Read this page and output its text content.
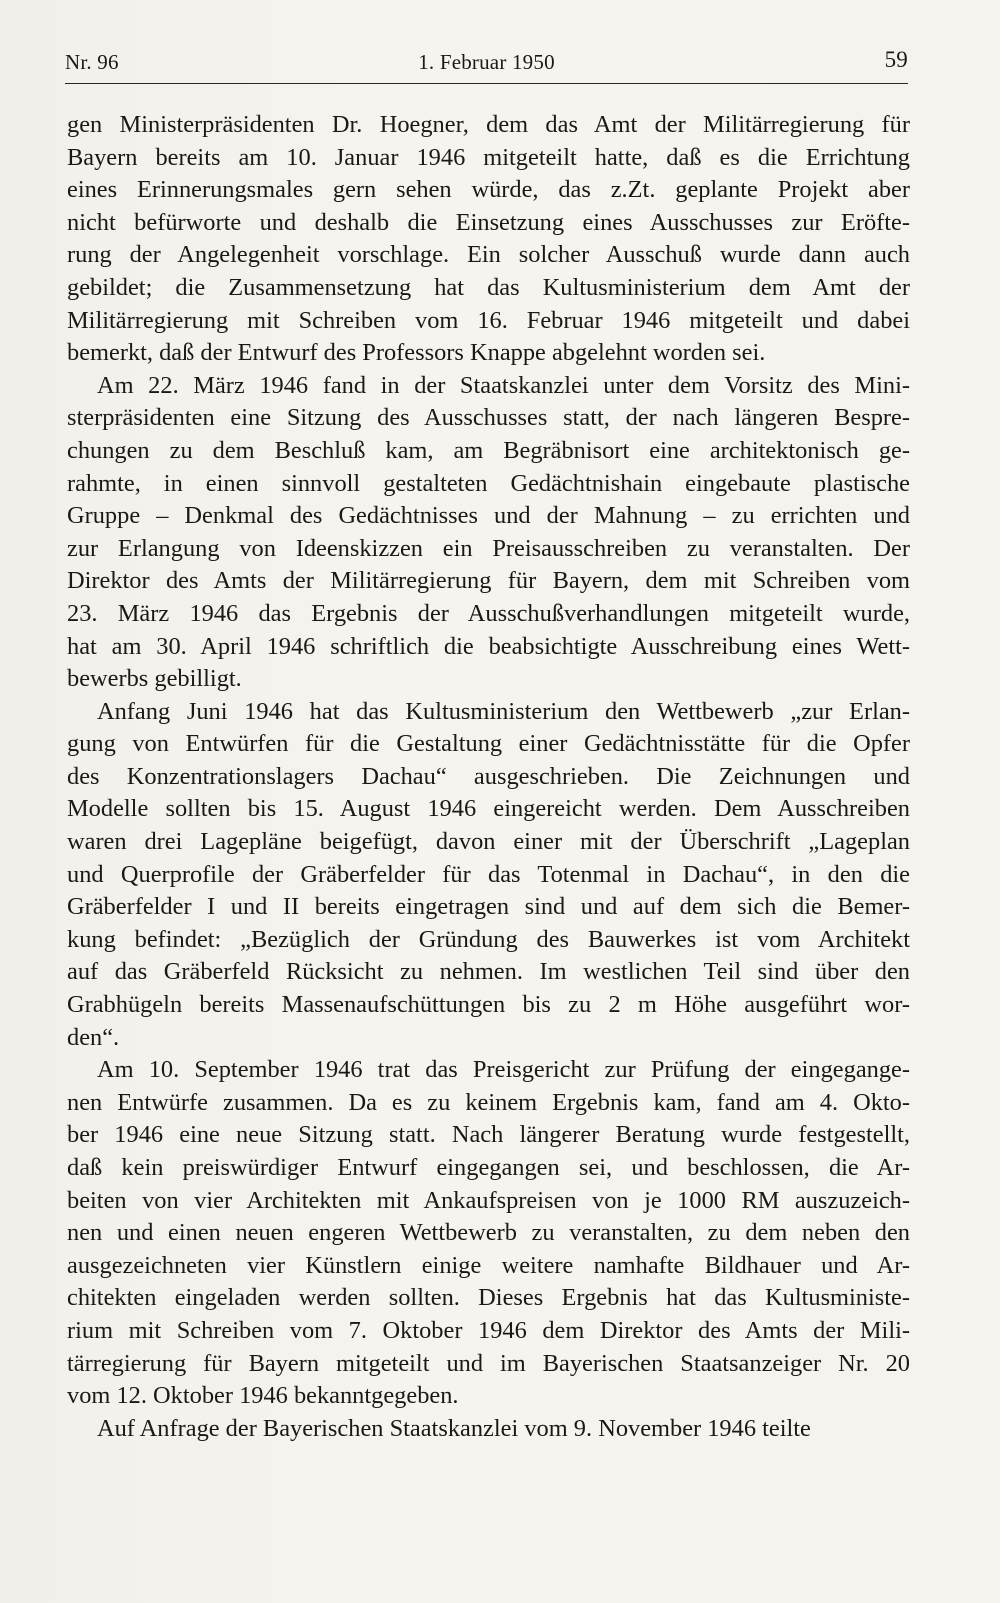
Nr. 96	1. Februar 1950	59
gen Ministerpräsidenten Dr. Hoegner, dem das Amt der Militärregierung für
Bayern bereits am 10. Januar 1946 mitgeteilt hatte, daß es die Errichtung
eines Erinnerungsmales gern sehen würde, das z.Zt. geplante Projekt aber
nicht befürworte und deshalb die Einsetzung eines Ausschusses zur Eröfte-
rung der Angelegenheit vorschlage. Ein solcher Ausschuß wurde dann auch
gebildet; die Zusammensetzung hat das Kultusministerium dem Amt der
Militärregierung mit Schreiben vom 16. Februar 1946 mitgeteilt und dabei
bemerkt, daß der Entwurf des Professors Knappe abgelehnt worden sei.
Am 22. März 1946 fand in der Staatskanzlei unter dem Vorsitz des Mini-
sterpräsidenten eine Sitzung des Ausschusses statt, der nach längeren Bespre-
chungen zu dem Beschluß kam, am Begräbnisort eine architektonisch ge-
rahmte, in einen sinnvoll gestalteten Gedächtnishain eingebaute plastische
Gruppe – Denkmal des Gedächtnisses und der Mahnung – zu errichten und
zur Erlangung von Ideenskizzen ein Preisausschreiben zu veranstalten. Der
Direktor des Amts der Militärregierung für Bayern, dem mit Schreiben vom
23. März 1946 das Ergebnis der Ausschußverhandlungen mitgeteilt wurde,
hat am 30. April 1946 schriftlich die beabsichtigte Ausschreibung eines Wett-
bewerbs gebilligt.
Anfang Juni 1946 hat das Kultusministerium den Wettbewerb „zur Erlan-
gung von Entwürfen für die Gestaltung einer Gedächtnisstätte für die Opfer
des Konzentrationslagers Dachau“ ausgeschrieben. Die Zeichnungen und
Modelle sollten bis 15. August 1946 eingereicht werden. Dem Ausschreiben
waren drei Lagepläne beigefügt, davon einer mit der Überschrift „Lageplan
und Querprofile der Gräberfelder für das Totenmal in Dachau“, in den die
Gräberfelder I und II bereits eingetragen sind und auf dem sich die Bemer-
kung befindet: „Bezüglich der Gründung des Bauwerkes ist vom Architekt
auf das Gräberfeld Rücksicht zu nehmen. Im westlichen Teil sind über den
Grabhügeln bereits Massenaufschüttungen bis zu 2 m Höhe ausgeführt wor-
den“.
Am 10. September 1946 trat das Preisgericht zur Prüfung der eingegange-
nen Entwürfe zusammen. Da es zu keinem Ergebnis kam, fand am 4. Okto-
ber 1946 eine neue Sitzung statt. Nach längerer Beratung wurde festgestellt,
daß kein preiswürdiger Entwurf eingegangen sei, und beschlossen, die Ar-
beiten von vier Architekten mit Ankaufspreisen von je 1000 RM auszuzeich-
nen und einen neuen engeren Wettbewerb zu veranstalten, zu dem neben den
ausgezeichneten vier Künstlern einige weitere namhafte Bildhauer und Ar-
chitekten eingeladen werden sollten. Dieses Ergebnis hat das Kultusministe-
rium mit Schreiben vom 7. Oktober 1946 dem Direktor des Amts der Mili-
tärregierung für Bayern mitgeteilt und im Bayerischen Staatsanzeiger Nr. 20
vom 12. Oktober 1946 bekanntgegeben.
Auf Anfrage der Bayerischen Staatskanzlei vom 9. November 1946 teilte
